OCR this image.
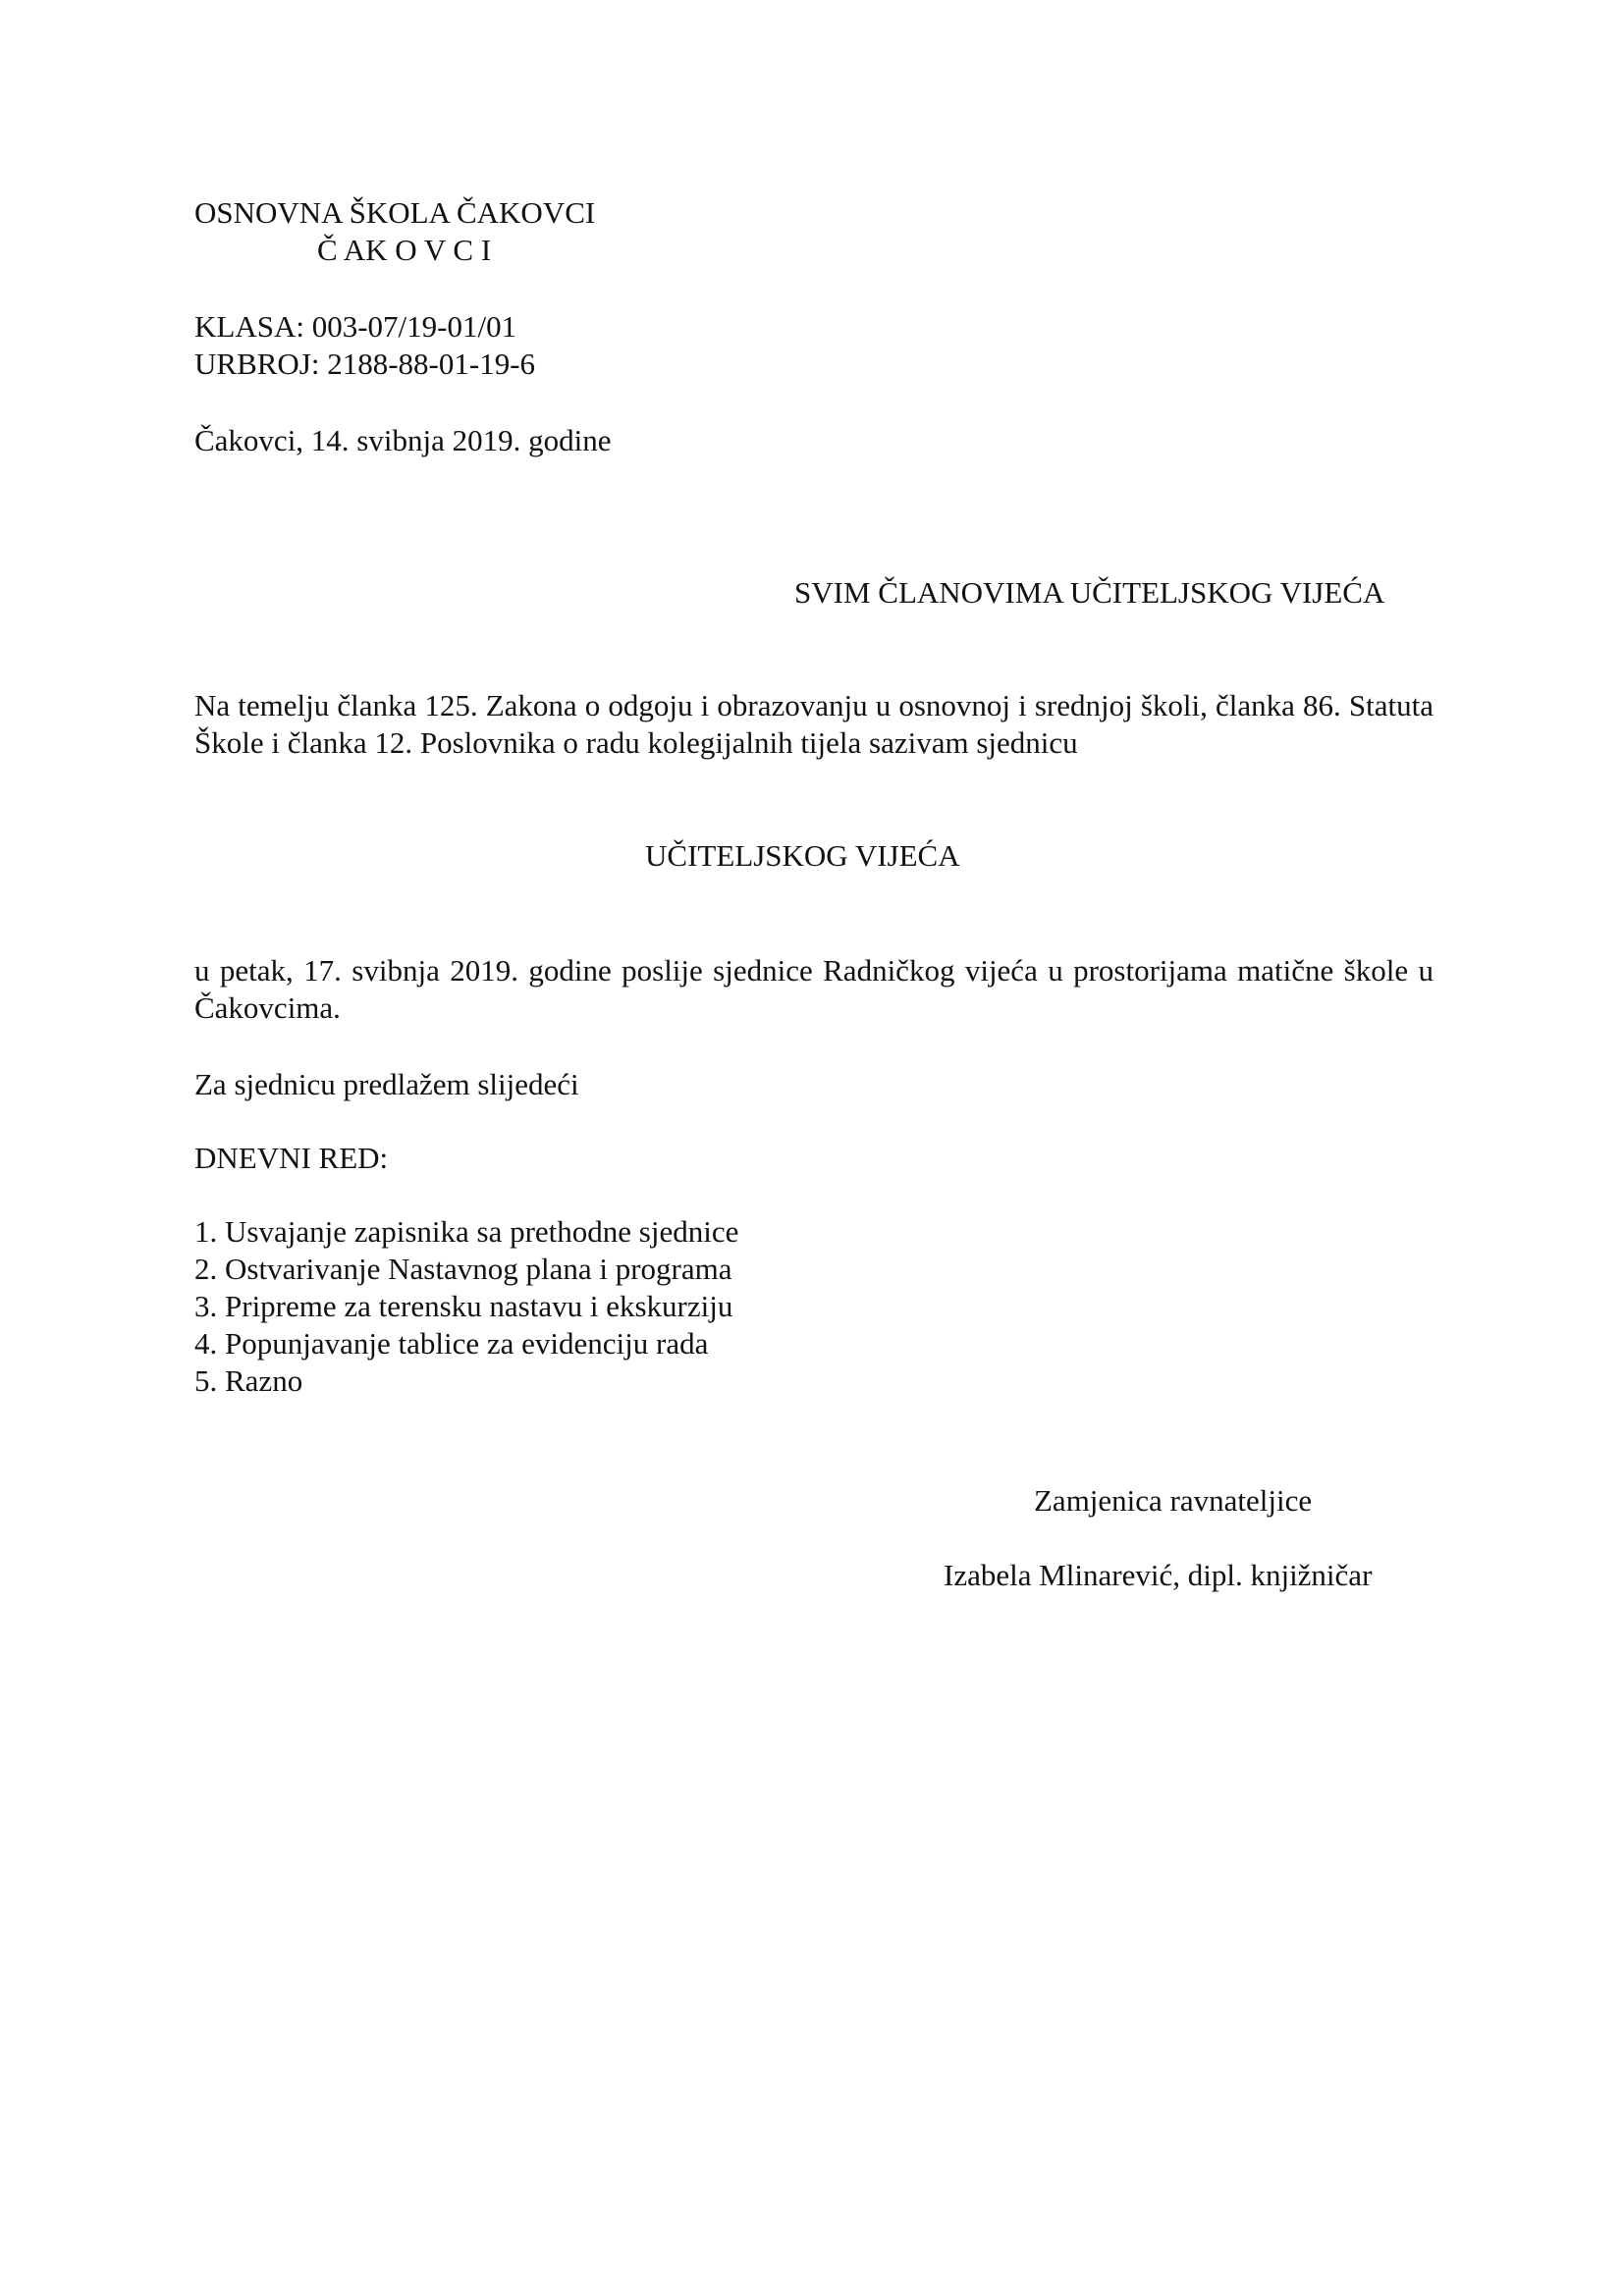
OSNOVNA ŠKOLA ČAKOVCI

Č AK O V C I

KLASA: 003-07/19-01/01

URBROJ: 2188-88-01-19-6

Čakovci, 14. svibnja 2019. godine

SVIM ČLANOVIMA UČITELJSKOG VIJEĆA

Na temelju članka 125. Zakona o odgoju i obrazovanju u osnovnoj i srednjoj školi, članka 86. Statuta Škole i članka 12. Poslovnika o radu kolegijalnih tijela sazivam sjednicu

UČITELJSKOG VIJEĆA

u petak, 17. svibnja 2019. godine poslije sjednice Radničkog vijeća u prostorijama matične škole u Čakovcima.

Za sjednicu predlažem slijedeći

DNEVNI RED:

1. Usvajanje zapisnika sa prethodne sjednice
2. Ostvarivanje Nastavnog plana i programa
3. Pripreme za terensku nastavu i ekskurziju
4. Popunjavanje tablice za evidenciju rada
5. Razno

Zamjenica ravnateljice

Izabela Mlinarević, dipl. knjižničar
